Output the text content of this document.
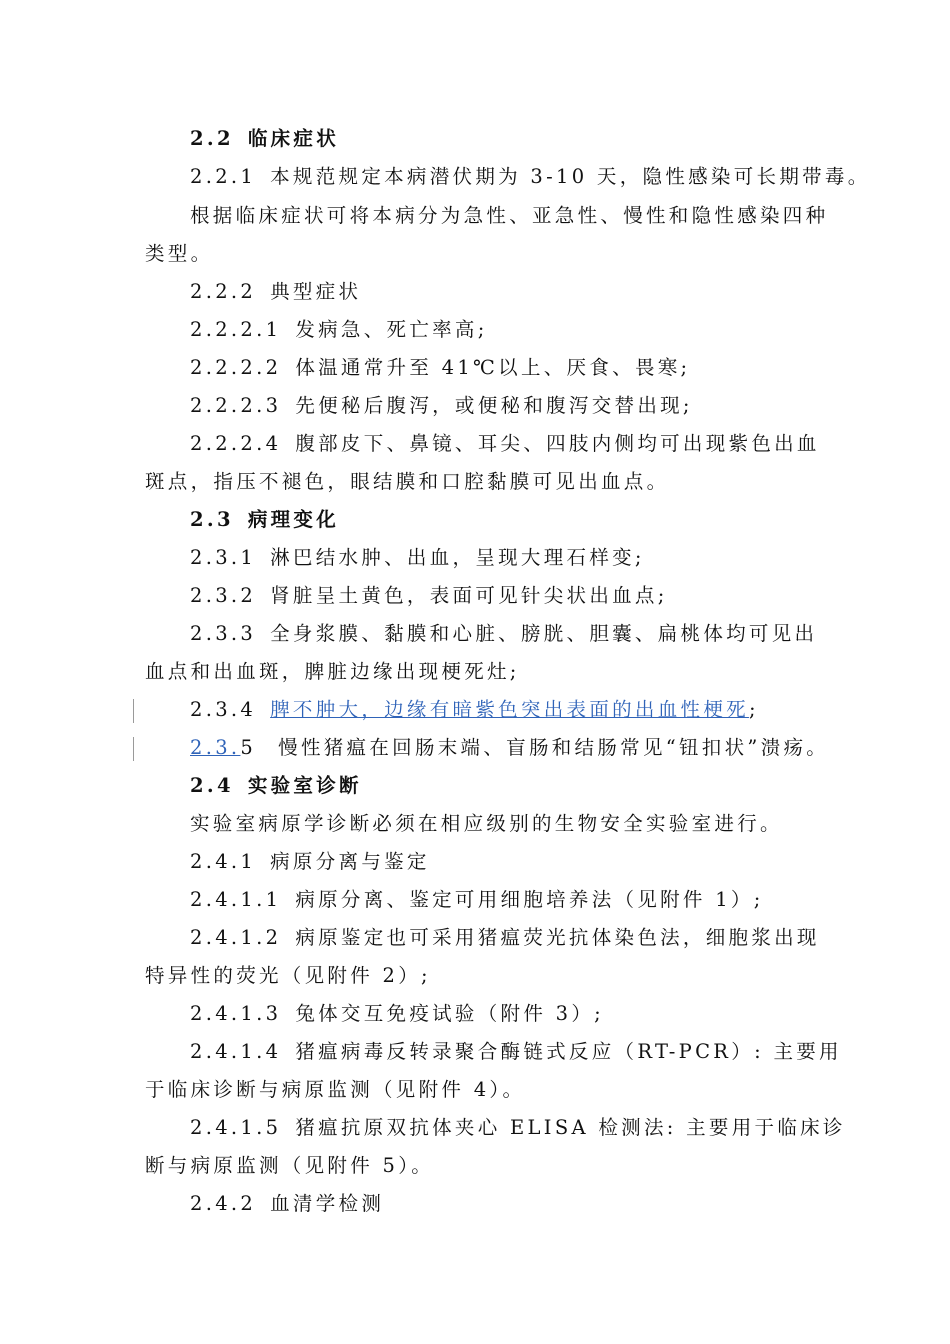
2.2 临床症状
2.2.1 本规范规定本病潜伏期为 3-10 天，隐性感染可长期带毒。
根据临床症状可将本病分为急性、亚急性、慢性和隐性感染四种
类型。
2.2.2 典型症状
2.2.2.1 发病急、死亡率高;
2.2.2.2 体温通常升至 41℃以上、厌食、畏寒;
2.2.2.3 先便秘后腹泻，或便秘和腹泻交替出现;
2.2.2.4 腹部皮下、鼻镜、耳尖、四肢内侧均可出现紫色出血
斑点，指压不褪色，眼结膜和口腔黏膜可见出血点。
2.3 病理变化
2.3.1 淋巴结水肿、出血，呈现大理石样变;
2.3.2 肾脏呈土黄色，表面可见针尖状出血点;
2.3.3 全身浆膜、黏膜和心脏、膀胱、胆囊、扁桃体均可见出
血点和出血斑，脾脏边缘出现梗死灶;
2.3.4 脾不肿大，边缘有暗紫色突出表面的出血性梗死;
2.3.5 慢性猪瘟在回肠末端、盲肠和结肠常见“钮扣状”溃疡。
2.4 实验室诊断
实验室病原学诊断必须在相应级别的生物安全实验室进行。
2.4.1 病原分离与鉴定
2.4.1.1 病原分离、鉴定可用细胞培养法（见附件 1）;
2.4.1.2 病原鉴定也可采用猪瘟荧光抗体染色法，细胞浆出现
特异性的荧光（见附件 2）;
2.4.1.3 兔体交互免疫试验（附件 3）;
2.4.1.4 猪瘟病毒反转录聚合酶链式反应（RT-PCR）: 主要用
于临床诊断与病原监测（见附件 4）。
2.4.1.5 猪瘟抗原双抗体夹心 ELISA 检测法: 主要用于临床诊
断与病原监测（见附件 5）。
2.4.2 血清学检测
